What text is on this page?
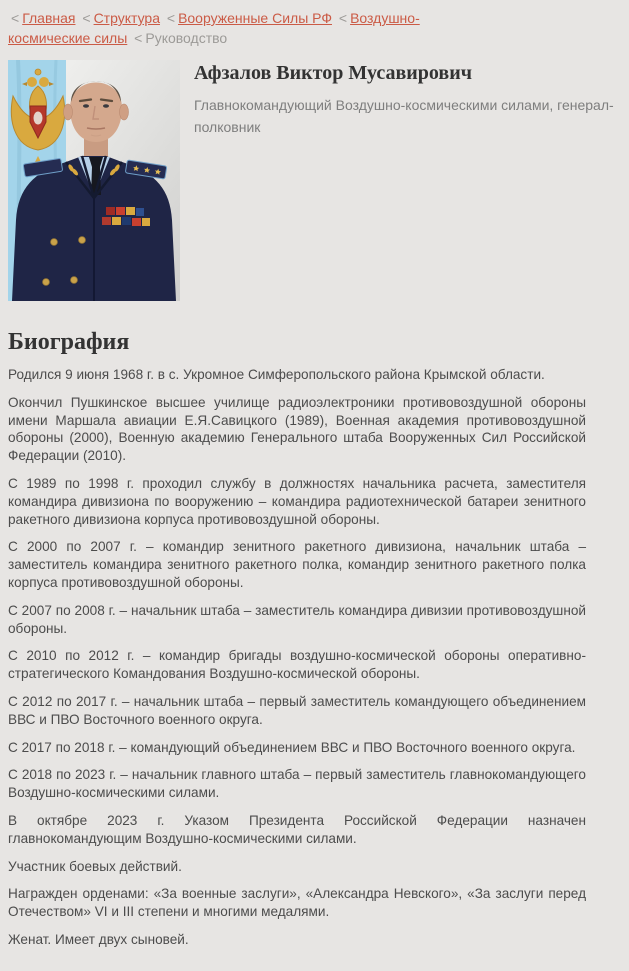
< Главная < Структура < Вооруженные Силы РФ < Воздушно-космические силы < Руководство
Афзалов Виктор Мусавирович
Главнокомандующий Воздушно-космическими силами, генерал-полковник
Биография

Родился 9 июня 1968 г. в с. Укромное Симферопольского района Крымской области.

Окончил Пушкинское высшее училище радиоэлектроники противовоздушной обороны имени Маршала авиации Е.Я.Савицкого (1989), Военная академия противовоздушной обороны (2000), Военную академию Генерального штаба Вооруженных Сил Российской Федерации (2010).

С 1989 по 1998 г. проходил службу в должностях начальника расчета, заместителя командира дивизиона по вооружению – командира радиотехнической батареи зенитного ракетного дивизиона корпуса противовоздушной обороны.

С 2000 по 2007 г. – командир зенитного ракетного дивизиона, начальник штаба – заместитель командира зенитного ракетного полка, командир зенитного ракетного полка корпуса противовоздушной обороны.

С 2007 по 2008 г. – начальник штаба – заместитель командира дивизии противовоздушной обороны.

С 2010 по 2012 г. – командир бригады воздушно-космической обороны оперативно-стратегического Командования Воздушно-космической обороны.

С 2012 по 2017 г. – начальник штаба – первый заместитель командующего объединением ВВС и ПВО Восточного военного округа.

С 2017 по 2018 г. – командующий объединением ВВС и ПВО Восточного военного округа.

С 2018 по 2023 г. – начальник главного штаба – первый заместитель главнокомандующего Воздушно-космическими силами.

В октябре 2023 г. Указом Президента Российской Федерации назначен главнокомандующим Воздушно-космическими силами.

Участник боевых действий.

Награжден орденами: «За военные заслуги», «Александра Невского», «За заслуги перед Отечеством» VI и III степени и многими медалями.

Женат. Имеет двух сыновей.
